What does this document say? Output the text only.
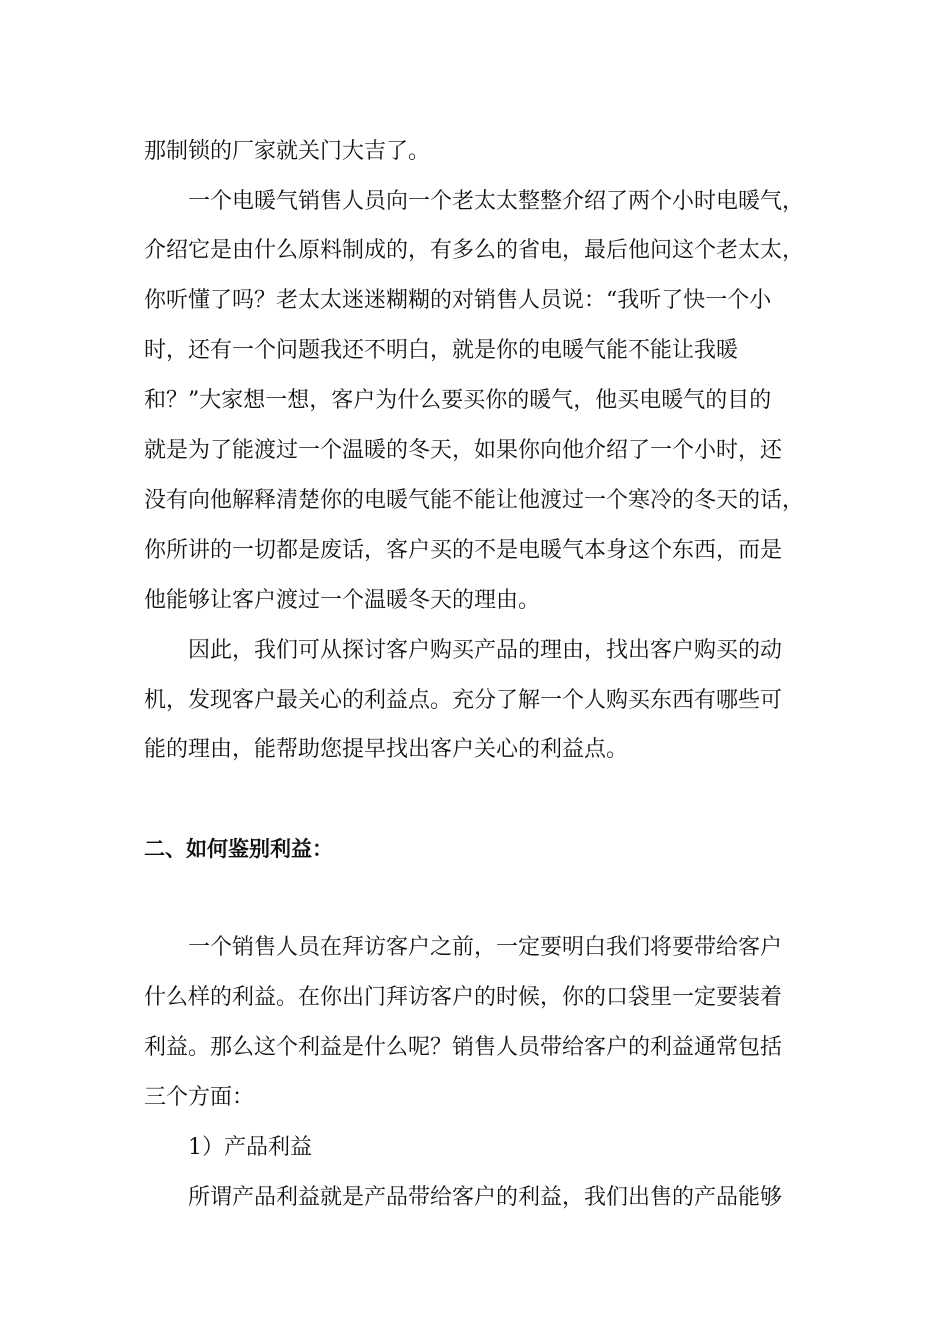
那制锁的厂家就关门大吉了。
一个电暖气销售人员向一个老太太整整介绍了两个小时电暖气，
介绍它是由什么原料制成的，有多么的省电，最后他问这个老太太，
你听懂了吗？老太太迷迷糊糊的对销售人员说：“我听了快一个小
时，还有一个问题我还不明白，就是你的电暖气能不能让我暖
和？”大家想一想，客户为什么要买你的暖气，他买电暖气的目的
就是为了能渡过一个温暖的冬天，如果你向他介绍了一个小时，还
没有向他解释清楚你的电暖气能不能让他渡过一个寒冷的冬天的话，
你所讲的一切都是废话，客户买的不是电暖气本身这个东西，而是
他能够让客户渡过一个温暖冬天的理由。
因此，我们可从探讨客户购买产品的理由，找出客户购买的动
机，发现客户最关心的利益点。充分了解一个人购买东西有哪些可
能的理由，能帮助您提早找出客户关心的利益点。
二、如何鉴别利益：
一个销售人员在拜访客户之前，一定要明白我们将要带给客户
什么样的利益。在你出门拜访客户的时候，你的口袋里一定要装着
利益。那么这个利益是什么呢？销售人员带给客户的利益通常包括
三个方面：
1）产品利益
所谓产品利益就是产品带给客户的利益，我们出售的产品能够
